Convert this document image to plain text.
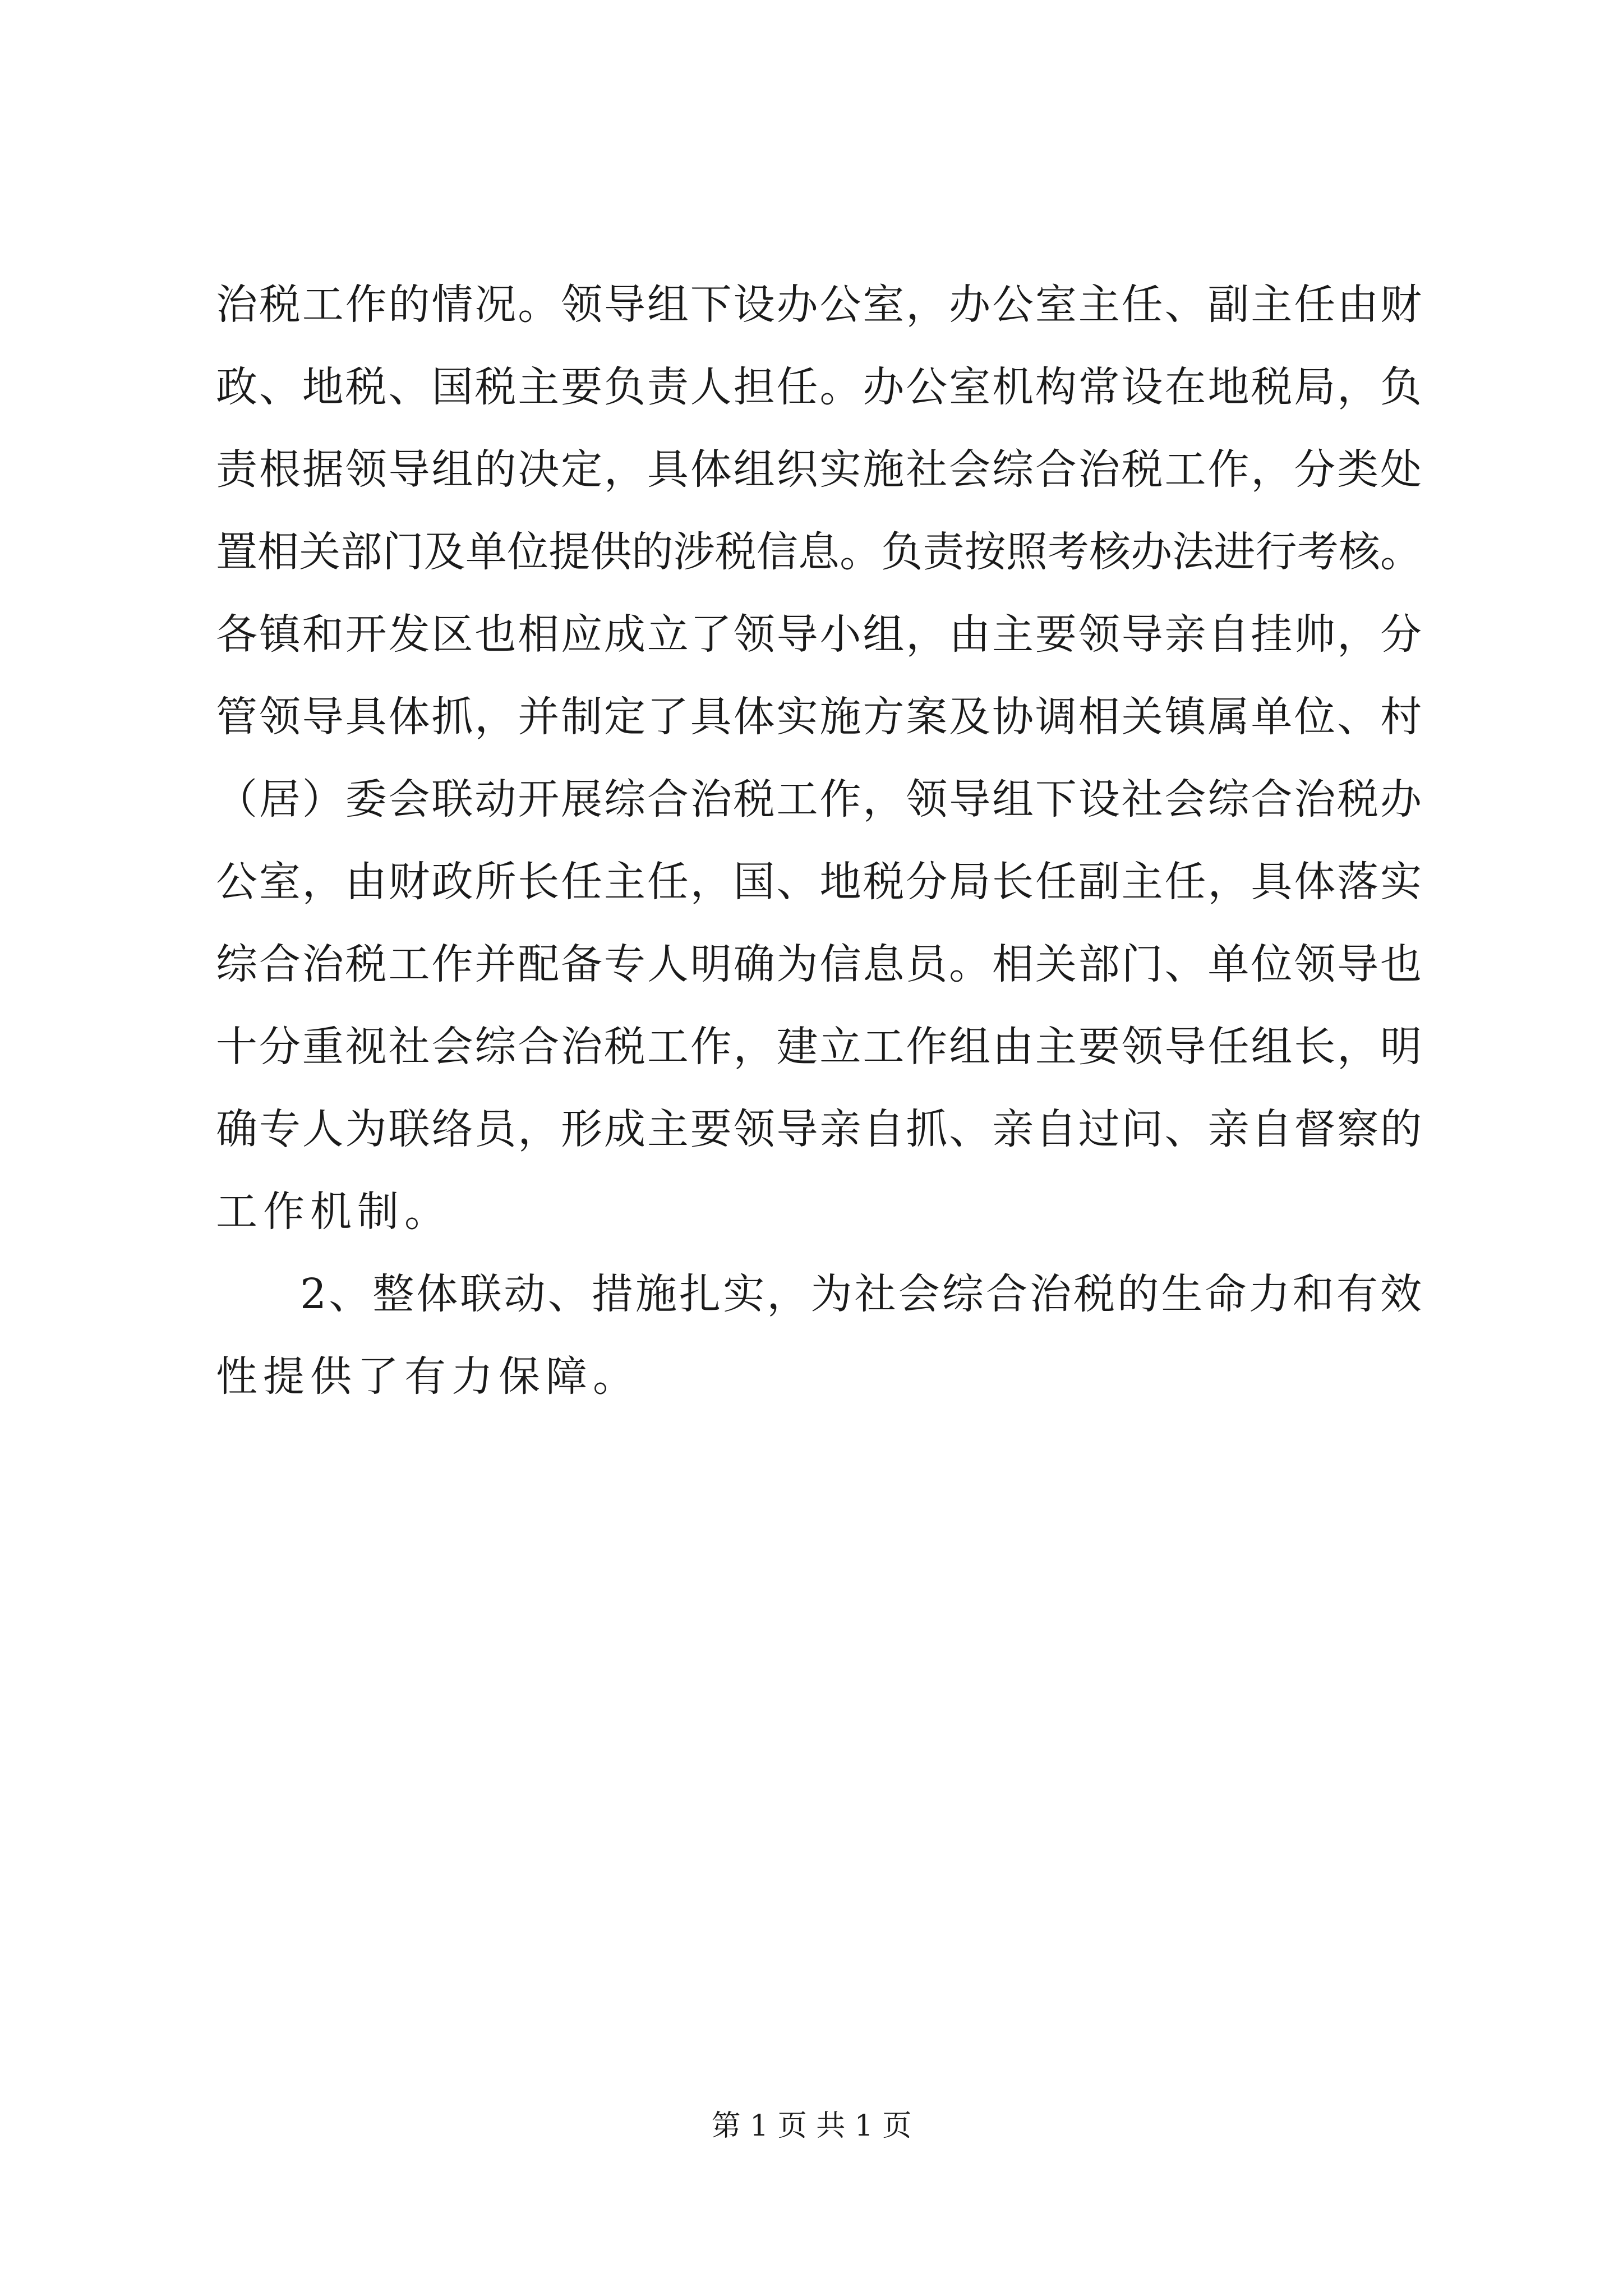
治税工作的情况。领导组下设办公室，办公室主任、副主任由财
政、地税、国税主要负责人担任。办公室机构常设在地税局，负
责根据领导组的决定，具体组织实施社会综合治税工作，分类处
置相关部门及单位提供的涉税信息。负责按照考核办法进行考核。
各镇和开发区也相应成立了领导小组，由主要领导亲自挂帅，分
管领导具体抓，并制定了具体实施方案及协调相关镇属单位、村
（居）委会联动开展综合治税工作，领导组下设社会综合治税办
公室，由财政所长任主任，国、地税分局长任副主任，具体落实
综合治税工作并配备专人明确为信息员。相关部门、单位领导也
十分重视社会综合治税工作，建立工作组由主要领导任组长，明
确专人为联络员，形成主要领导亲自抓、亲自过问、亲自督察的
工作机制。
2、整体联动、措施扎实，为社会综合治税的生命力和有效
性提供了有力保障。
第 1 页 共 1 页
